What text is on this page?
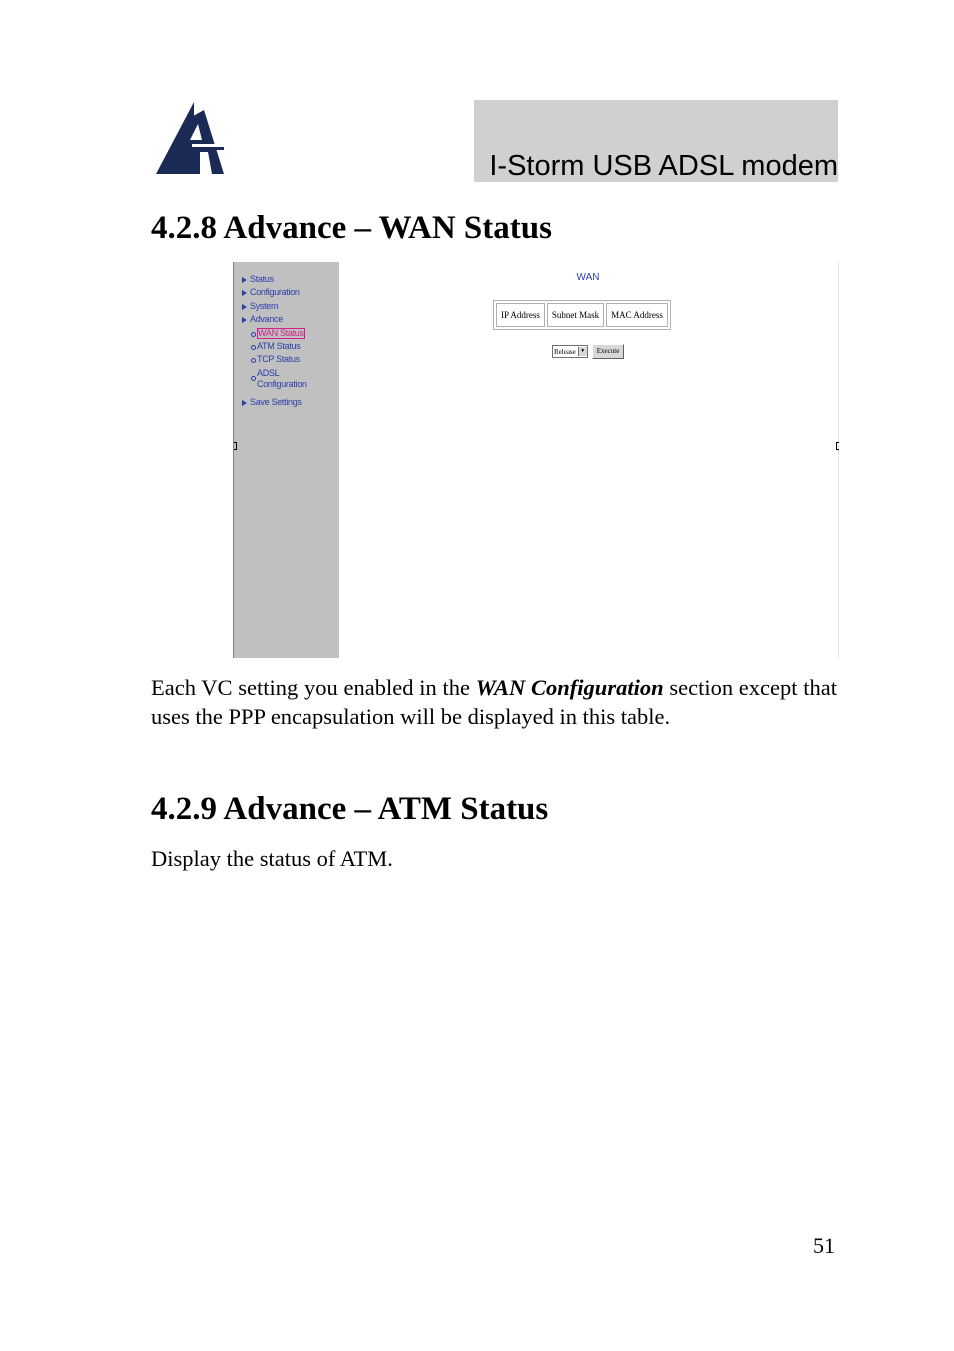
I-Storm USB ADSL modem
4.2.8 Advance – WAN Status
Status
Configuration
System
Advance
WAN Status
ATM Status
TCP Status
ADSL
Configuration
Save Settings
WAN
IP Address	Subnet Mask	MAC Address
Release ▼	Execute

Each VC setting you enabled in the WAN Configuration section except that uses the PPP encapsulation will be displayed in this table.

4.2.9 Advance – ATM Status

Display the status of ATM.

51
